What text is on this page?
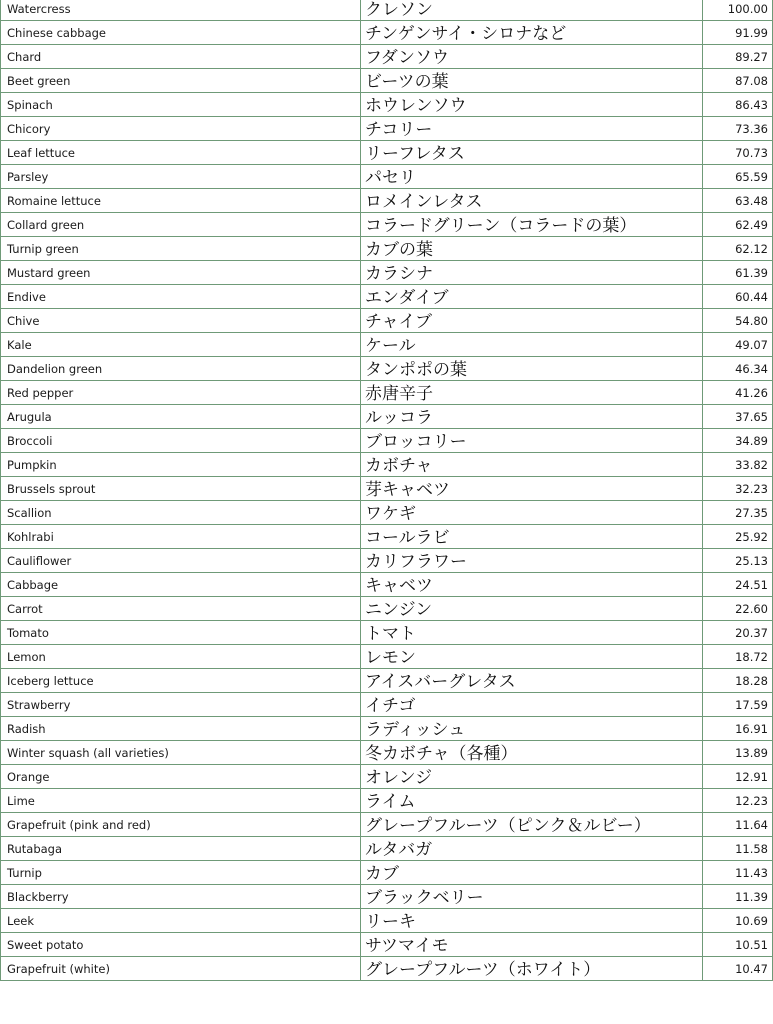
Watercress	クレソン	100.00
Chinese cabbage	チンゲンサイ・シロナなど	91.99
Chard	フダンソウ	89.27
Beet green	ビーツの葉	87.08
Spinach	ホウレンソウ	86.43
Chicory	チコリー	73.36
Leaf lettuce	リーフレタス	70.73
Parsley	パセリ	65.59
Romaine lettuce	ロメインレタス	63.48
Collard green	コラードグリーン（コラードの葉）	62.49
Turnip green	カブの葉	62.12
Mustard green	カラシナ	61.39
Endive	エンダイブ	60.44
Chive	チャイブ	54.80
Kale	ケール	49.07
Dandelion green	タンポポの葉	46.34
Red pepper	赤唐辛子	41.26
Arugula	ルッコラ	37.65
Broccoli	ブロッコリー	34.89
Pumpkin	カボチャ	33.82
Brussels sprout	芽キャベツ	32.23
Scallion	ワケギ	27.35
Kohlrabi	コールラビ	25.92
Cauliflower	カリフラワー	25.13
Cabbage	キャベツ	24.51
Carrot	ニンジン	22.60
Tomato	トマト	20.37
Lemon	レモン	18.72
Iceberg lettuce	アイスバーグレタス	18.28
Strawberry	イチゴ	17.59
Radish	ラディッシュ	16.91
Winter squash (all varieties)	冬カボチャ（各種）	13.89
Orange	オレンジ	12.91
Lime	ライム	12.23
Grapefruit (pink and red)	グレープフルーツ（ピンク＆ルビー）	11.64
Rutabaga	ルタバガ	11.58
Turnip	カブ	11.43
Blackberry	ブラックベリー	11.39
Leek	リーキ	10.69
Sweet potato	サツマイモ	10.51
Grapefruit (white)	グレープフルーツ（ホワイト）	10.47
